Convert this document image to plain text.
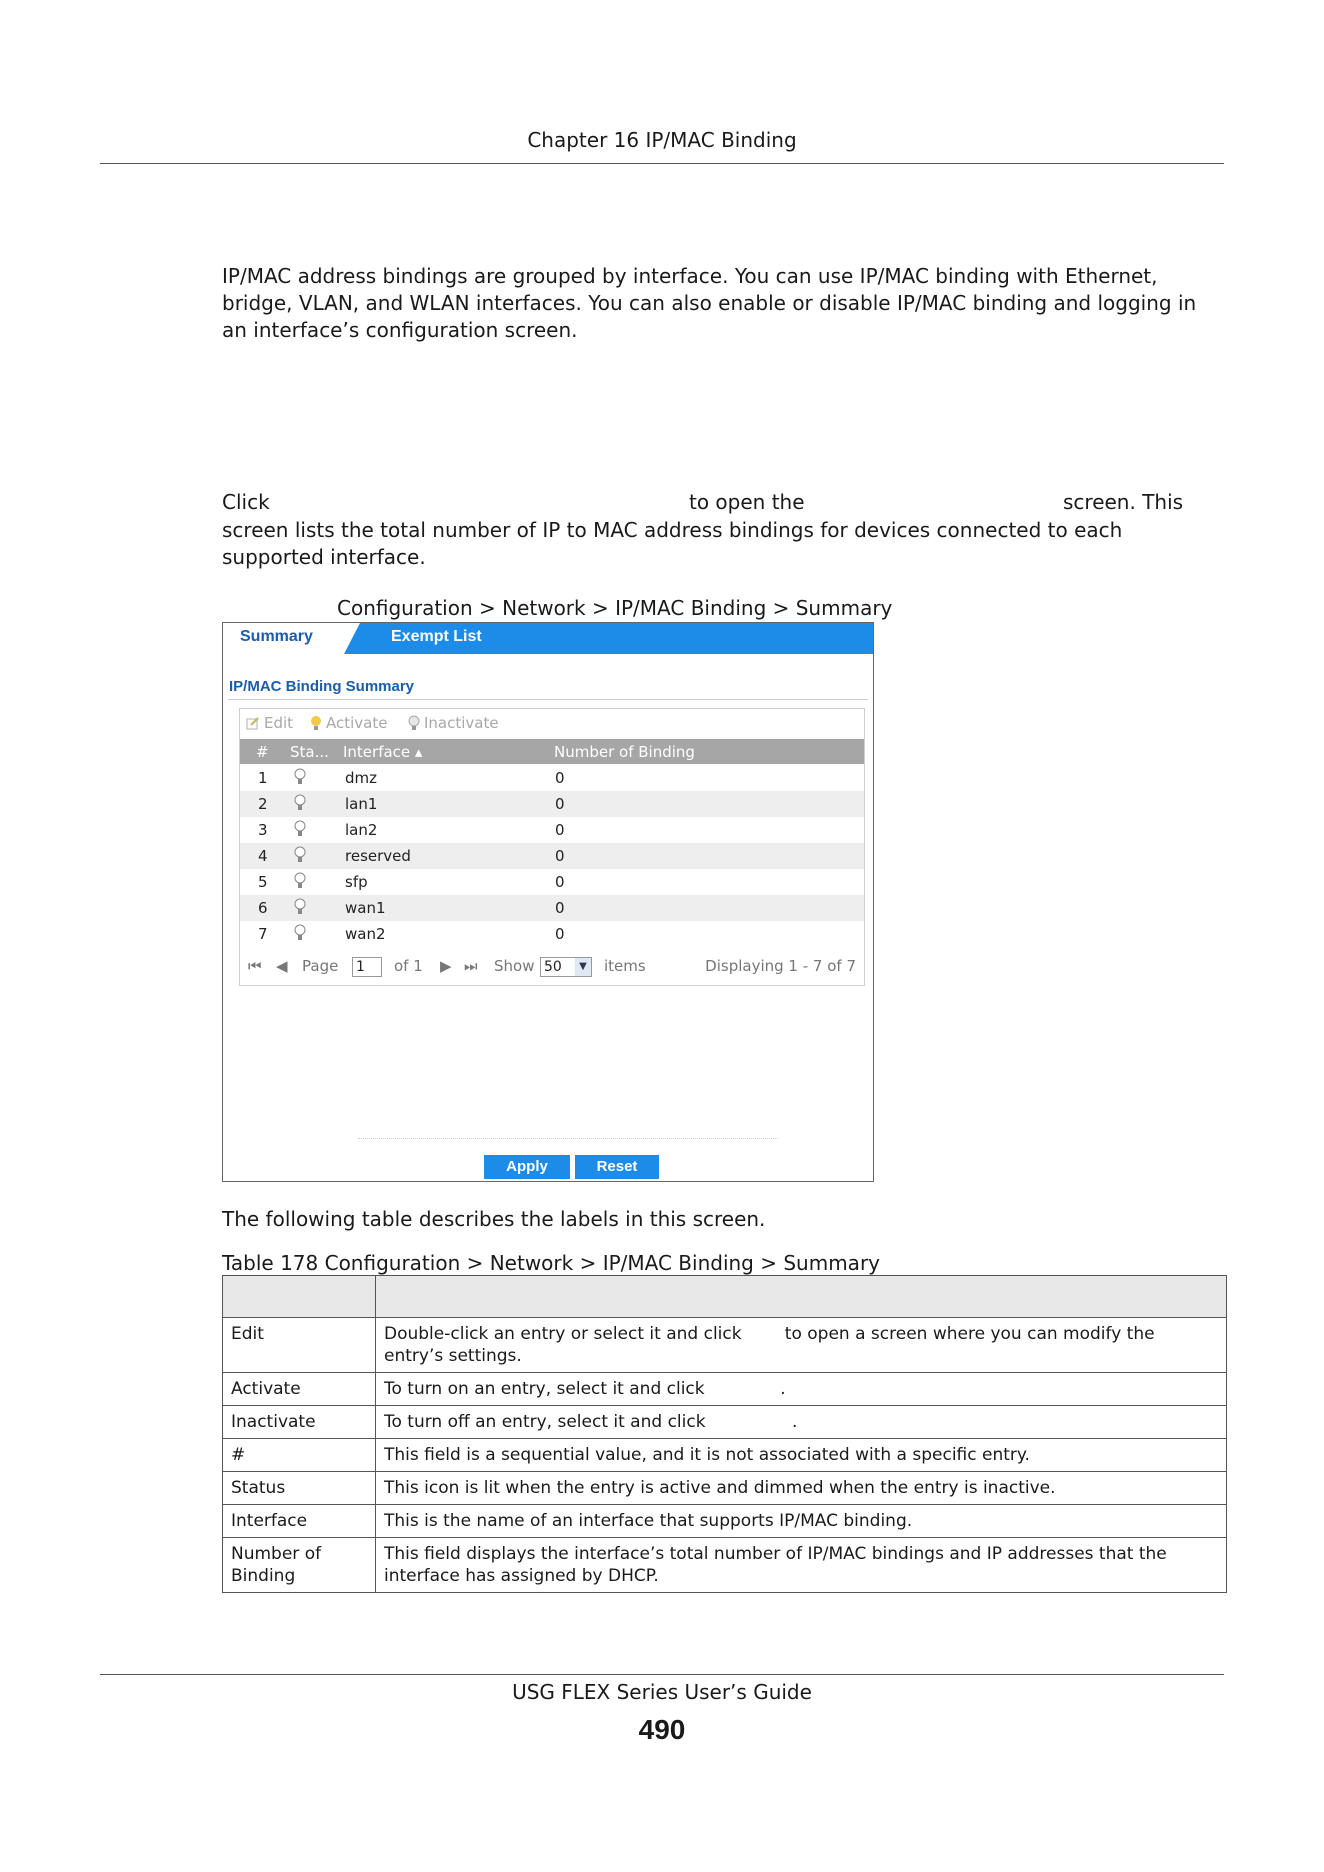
Chapter 16 IP/MAC Binding
IP/MAC address bindings are grouped by interface. You can use IP/MAC binding with Ethernet, bridge, VLAN, and WLAN interfaces. You can also enable or disable IP/MAC binding and logging in an interface’s configuration screen.
Click	to open the	screen. This
screen lists the total number of IP to MAC address bindings for devices connected to each supported interface.
Configuration > Network > IP/MAC Binding > Summary
Summary	Exempt List
IP/MAC Binding Summary
Edit Activate Inactivate
# Sta... Interface ▴	Number of Binding
1	dmz	0
2	lan1	0
3	lan2	0
4	reserved	0
5	sfp	0
6	wan1	0
7	wan2	0
⏮ ◀ Page 1	of 1 ▶ ⏭ Show 50	▼ items	Displaying 1 - 7 of 7
Apply	Reset
The following table describes the labels in this screen.
Table 178 Configuration > Network > IP/MAC Binding > Summary

Edit	Double-click an entry or select it and click        to open a screen where you can modify the entry’s settings.
Activate	To turn on an entry, select it and click              .
Inactivate	To turn off an entry, select it and click                .
#	This field is a sequential value, and it is not associated with a specific entry.
Status	This icon is lit when the entry is active and dimmed when the entry is inactive.
Interface	This is the name of an interface that supports IP/MAC binding.
Number of Binding	This field displays the interface’s total number of IP/MAC bindings and IP addresses that the interface has assigned by DHCP.
USG FLEX Series User’s Guide
490
